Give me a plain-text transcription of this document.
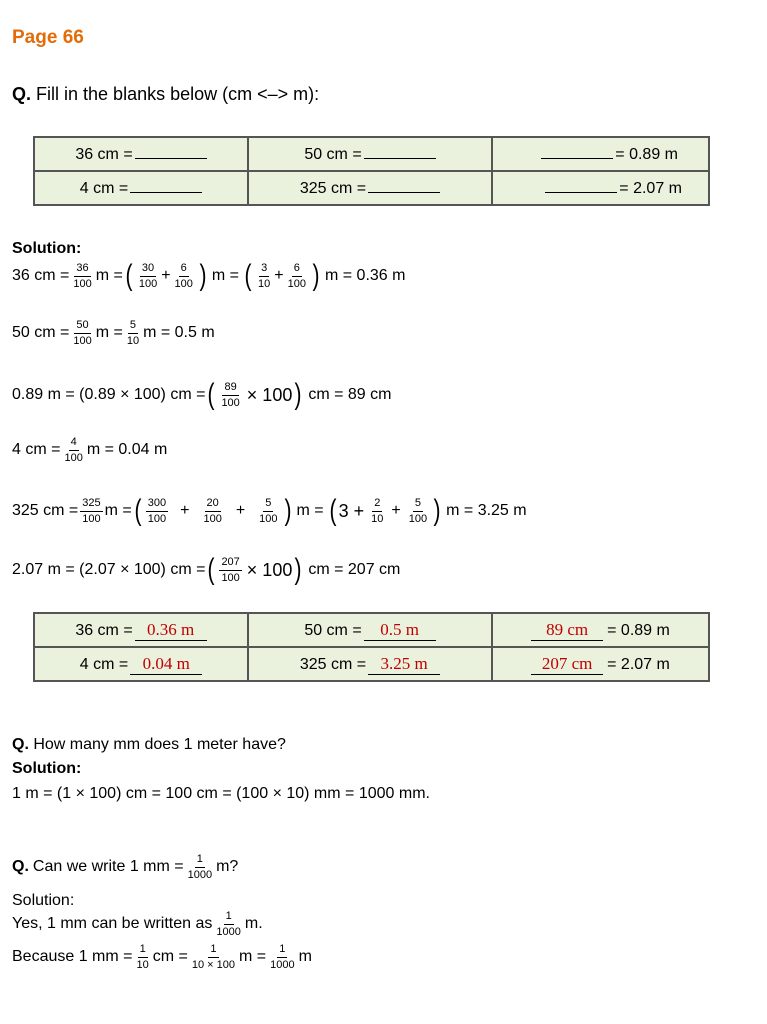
Page 66
Q. Fill in the blanks below (cm <–> m):
36 cm =	50 cm =	= 0.89 m
4 cm =	325 cm =	= 2.07 m
Solution:
36 cm = $\frac{36}{100}$ m = ( $\frac{30}{100} + \frac{6}{100}$ ) m = ( $\frac{3}{10} + \frac{6}{100}$ ) m = 0.36 m
50 cm = $\frac{50}{100}$ $m = \frac{5}{10}$ m = 0.5 m
0.89 m = (0.89 × 100) cm = ( $\frac{89}{100} \times 100$ ) cm = 89 cm
4 cm = $\frac{4}{100}$ m = 0.04 m
325 cm = $\frac{325}{100}$ m = ( $\frac{300}{100} + \frac{20}{100} + \frac{5}{100}$ ) m = ( $3 + \frac{2}{10} + \frac{5}{100}$ ) m = 3.25 m
2.07 m = (2.07 × 100) cm = ( $\frac{207}{100} \times 100$ ) cm = 207 cm
36 cm = 0.36 m	50 cm = 0.5 m	89 cm = 0.89 m
4 cm = 0.04 m	325 cm = 3.25 m	207 cm = 2.07 m
Q. How many mm does 1 meter have?
Solution:
1 m = (1 × 100) cm = 100 cm = (100 × 10) mm = 1000 mm.
Q. Can we write 1 mm = $\frac{1}{1000} m$?
Solution:
Yes, 1 mm can be written as $\frac{1}{1000} m$.
Because 1 mm = $\frac{1}{10}$ cm = $\frac{1}{10 \times 100}$ $m = \frac{1}{1000}$ m
